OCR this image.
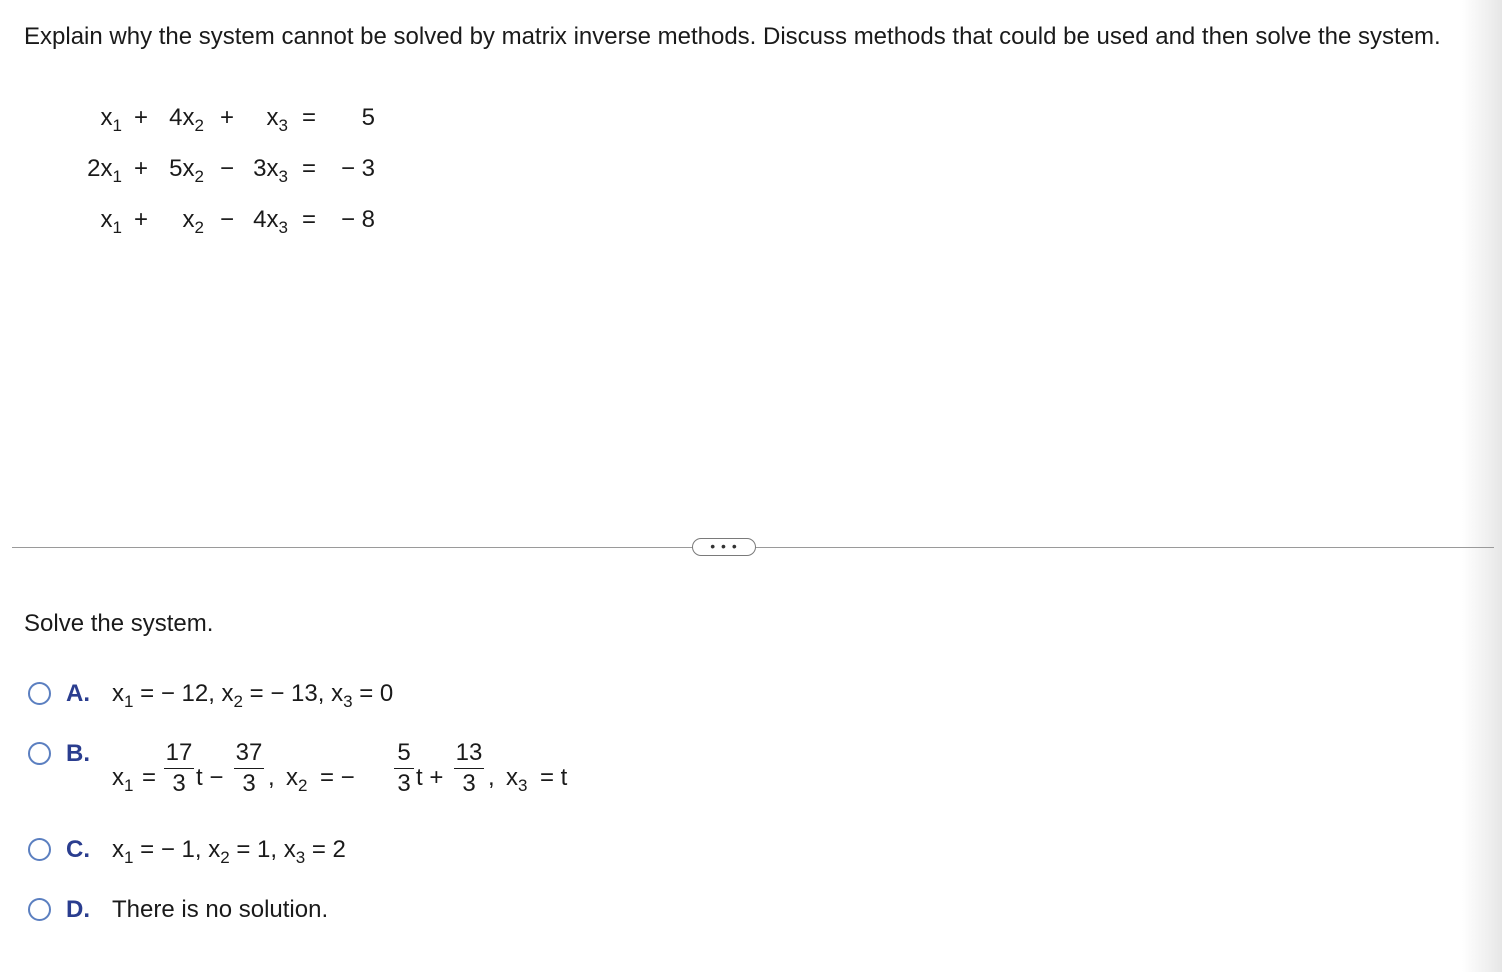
Explain why the system cannot be solved by matrix inverse methods. Discuss methods that could be used and then solve the system.
$x_1 + 4x_2$ +	$x_3$ =	5
$2x_1 + 5x_2 - 3x_3$ =	− 3
$x_1$ +	$x_2 - 4x_3$ =	− 8
• • •
Solve the system.
A. $x_1$ = − 12, $x_2$ = − 13, $x_3 = 0$
B.
$x_1$ =
17
3 t −
37
3 , $x_2$ = −
5
3 t +
13
3 , $x_3 = t$
C. $x_1$ = − 1, $x_2 = 1$, $x_3 = 2$
D. There is no solution.
